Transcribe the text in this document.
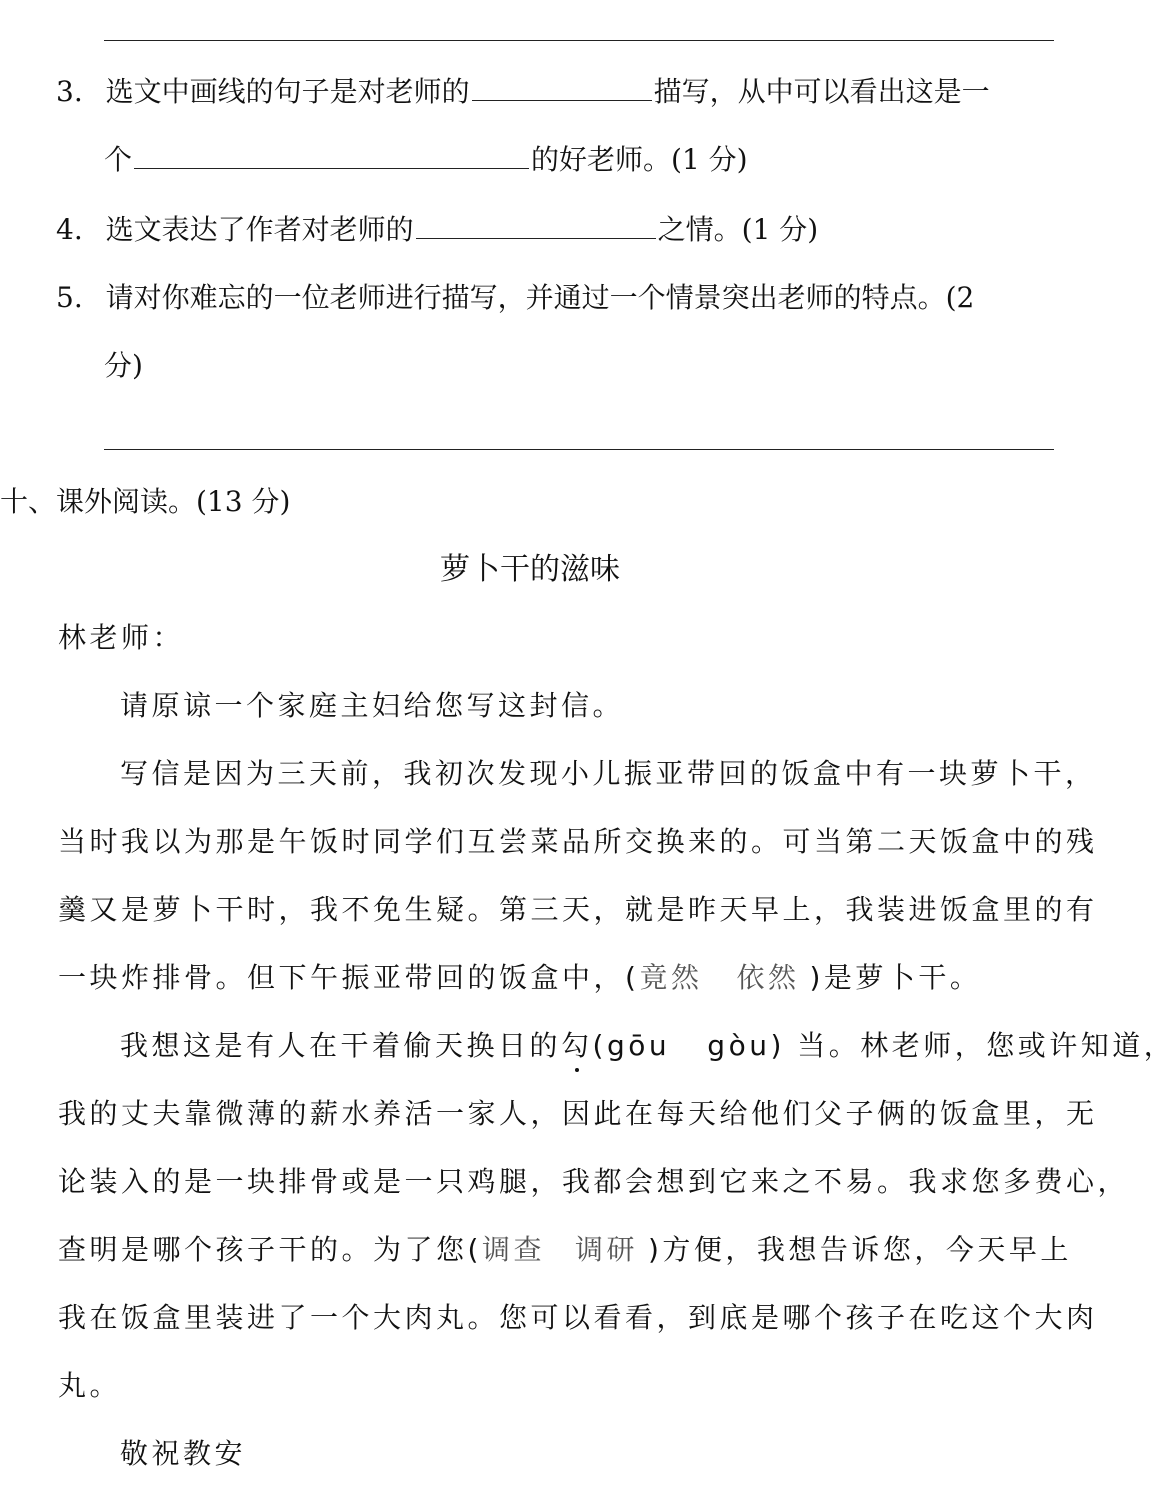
3. 选文中画线的句子是对老师的	描写，从中可以看出这是一
个	的好老师。(1 分)
4. 选文表达了作者对老师的	之情。(1 分)
5. 请对你难忘的一位老师进行描写，并通过一个情景突出老师的特点。(2
分)
十、课外阅读。(13 分)
萝卜干的滋味
林老师：
请原谅一个家庭主妇给您写这封信。
写信是因为三天前，我初次发现小儿振亚带回的饭盒中有一块萝卜干，
当时我以为那是午饭时同学们互尝菜品所交换来的。可当第二天饭盒中的残
羹又是萝卜干时，我不免生疑。第三天，就是昨天早上，我装进饭盒里的有
一块炸排骨。但下午振亚带回的饭盒中，(竟然 依然 )是萝卜干。
我想这是有人在干着偷天换日的勾(gōu   gòu) 当。林老师，您或许知道，
我的丈夫靠微薄的薪水养活一家人，因此在每天给他们父子俩的饭盒里，无
论装入的是一块排骨或是一只鸡腿，我都会想到它来之不易。我求您多费心，
查明是哪个孩子干的。为了您(调查 调研 )方便，我想告诉您，今天早上
我在饭盒里装进了一个大肉丸。您可以看看，到底是哪个孩子在吃这个大肉
丸。
敬祝教安
